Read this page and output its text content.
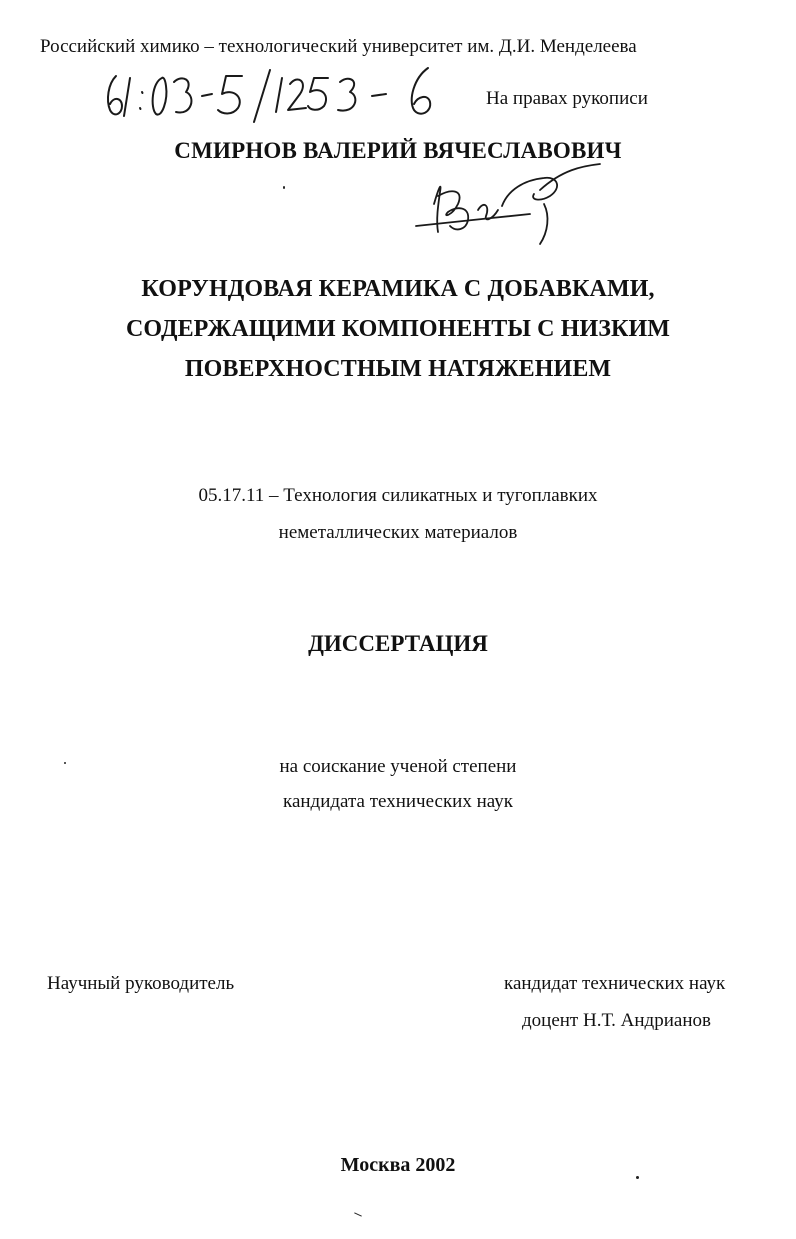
Российский химико – технологический университет им. Д.И. Менделеева
На правах рукописи
СМИРНОВ ВАЛЕРИЙ ВЯЧЕСЛАВОВИЧ
КОРУНДОВАЯ КЕРАМИКА С ДОБАВКАМИ,
СОДЕРЖАЩИМИ КОМПОНЕНТЫ С НИЗКИМ
ПОВЕРХНОСТНЫМ НАТЯЖЕНИЕМ
05.17.11 – Технология силикатных и тугоплавких
неметаллических материалов
ДИССЕРТАЦИЯ
на соискание ученой степени
кандидата технических наук
Научный руководитель	кандидат технических наук
доцент Н.Т. Андрианов
Москва 2002
